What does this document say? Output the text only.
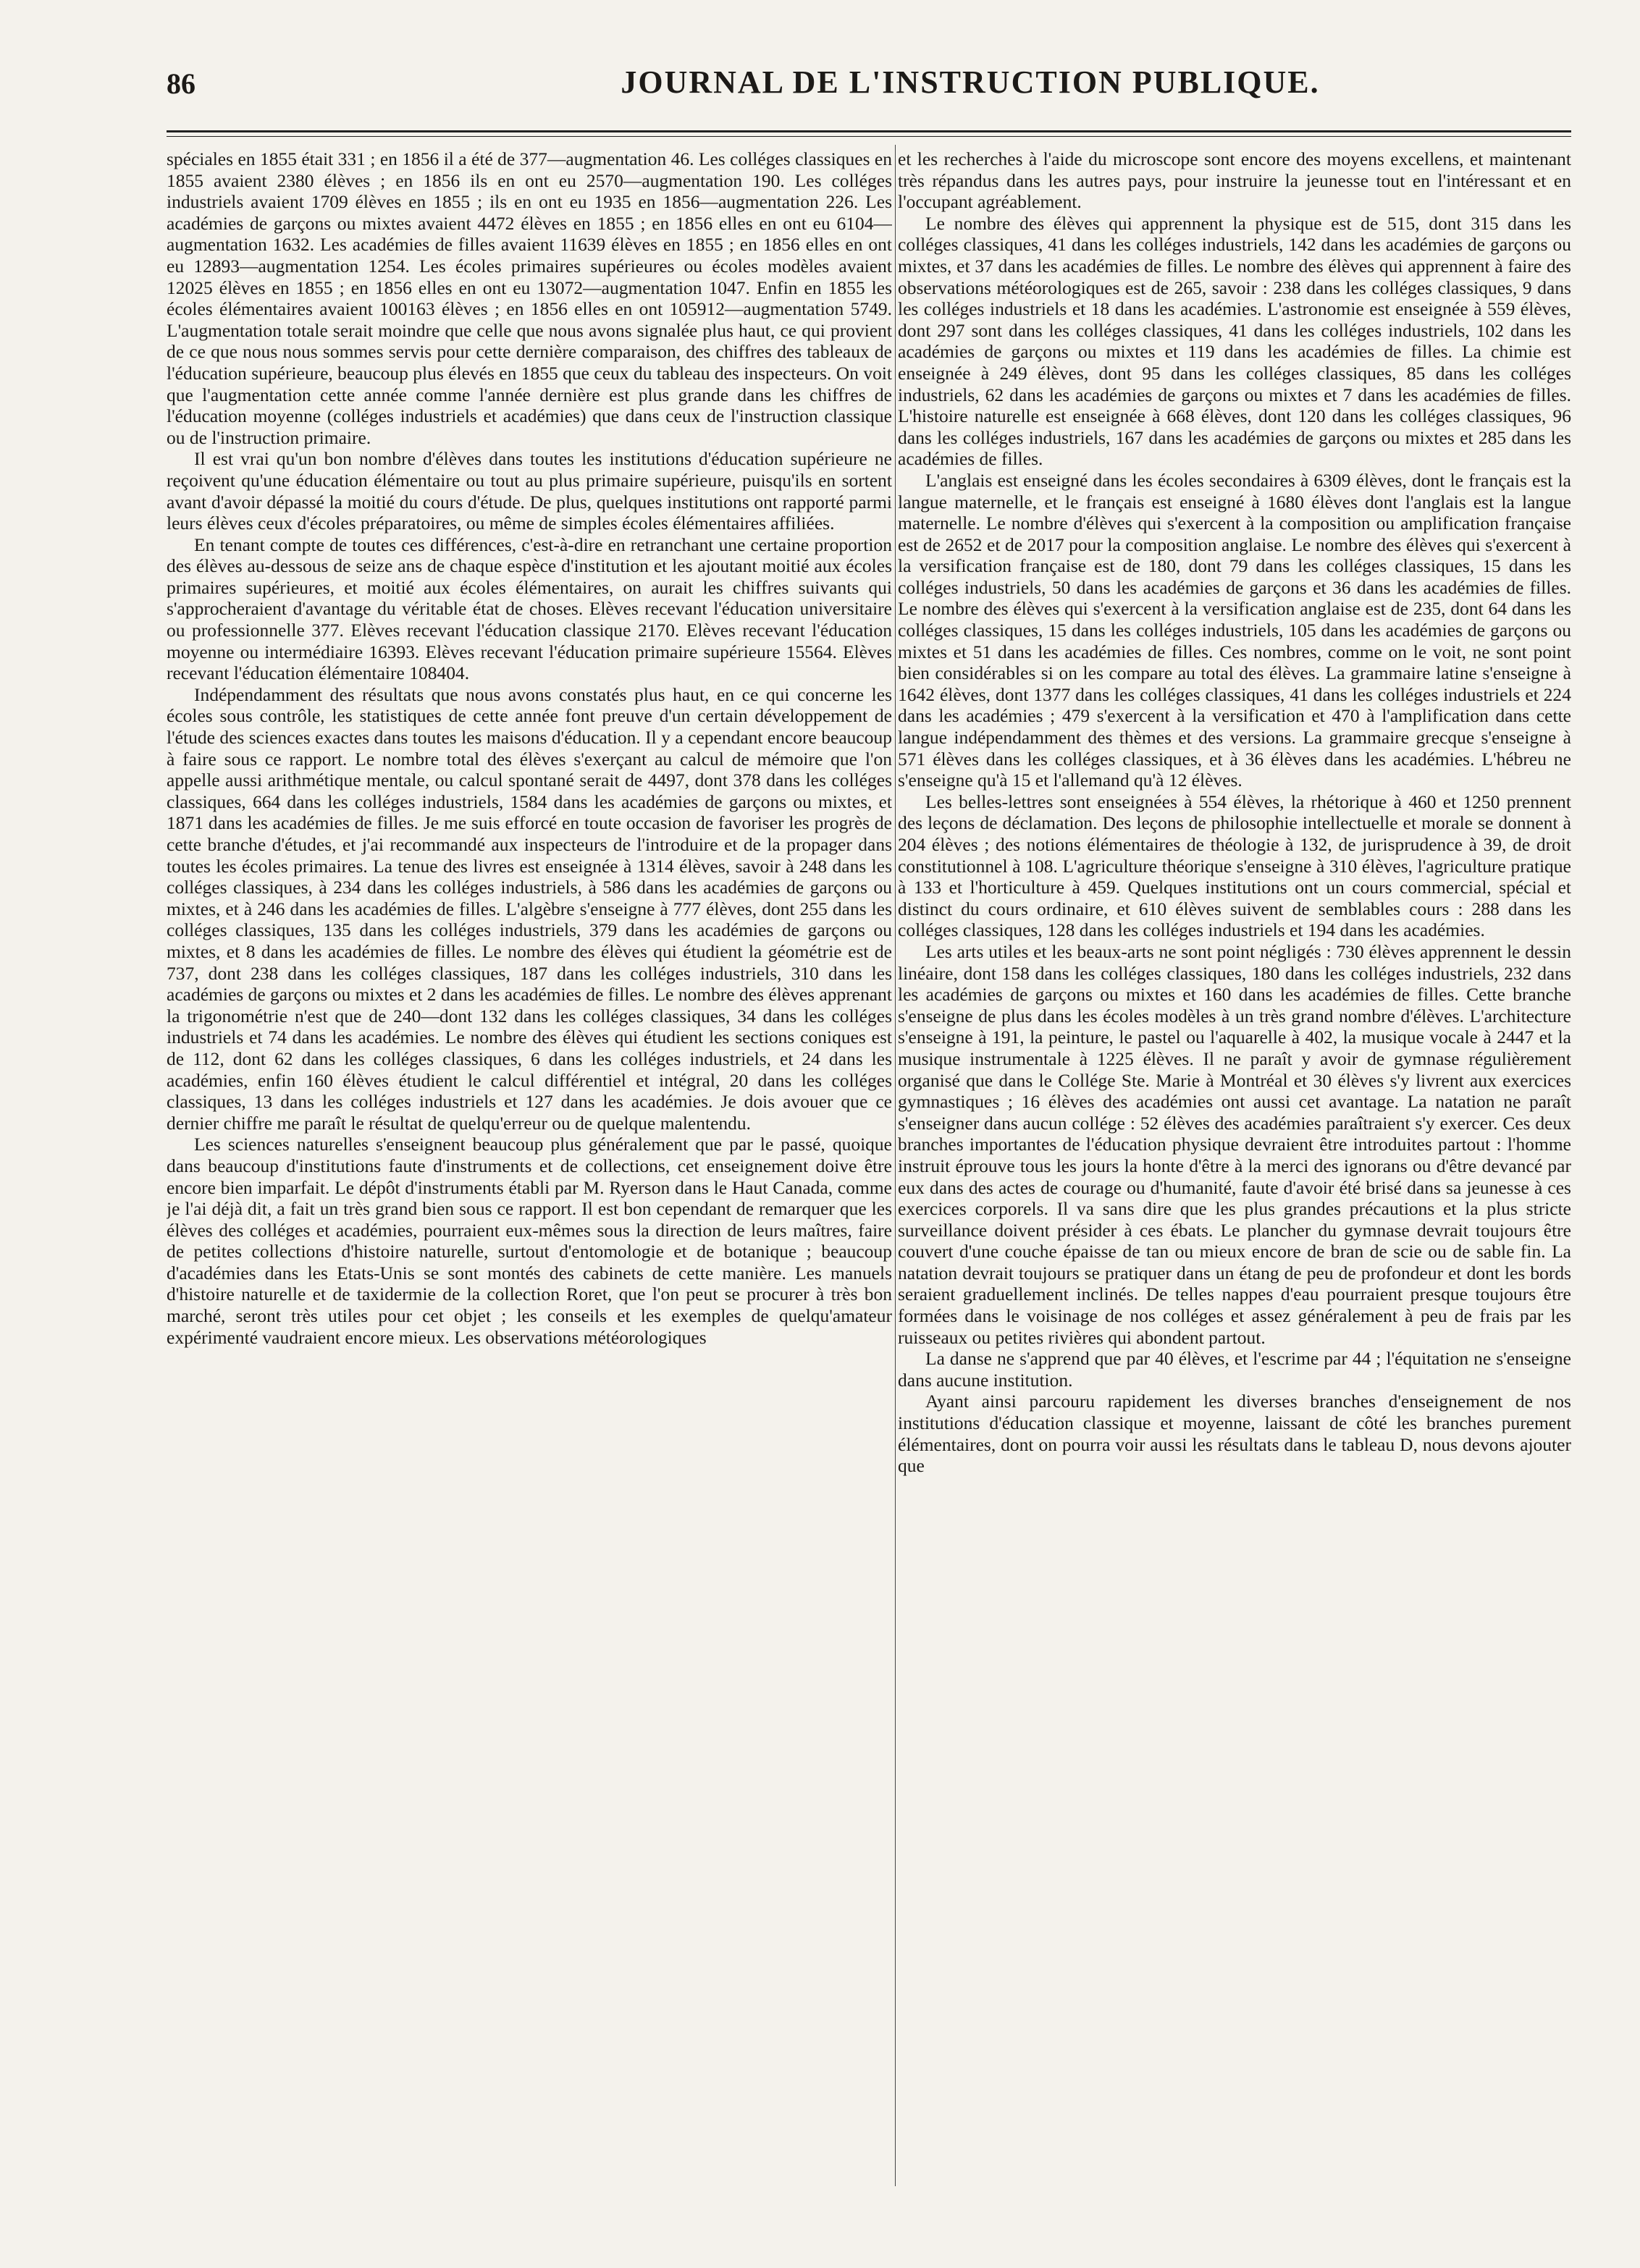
86	JOURNAL DE L'INSTRUCTION PUBLIQUE.

spéciales en 1855 était 331 ; en 1856 il a été de 377—augmentation 46. Les colléges classiques en 1855 avaient 2380 élèves ; en 1856 ils en ont eu 2570—augmentation 190. Les colléges industriels avaient 1709 élèves en 1855 ; ils en ont eu 1935 en 1856—augmentation 226. Les académies de garçons ou mixtes avaient 4472 élèves en 1855 ; en 1856 elles en ont eu 6104—augmentation 1632. Les académies de filles avaient 11639 élèves en 1855 ; en 1856 elles en ont eu 12893—augmentation 1254. Les écoles primaires supérieures ou écoles modèles avaient 12025 élèves en 1855 ; en 1856 elles en ont eu 13072—augmentation 1047. Enfin en 1855 les écoles élémentaires avaient 100163 élèves ; en 1856 elles en ont 105912—augmentation 5749. L'augmentation totale serait moindre que celle que nous avons signalée plus haut, ce qui provient de ce que nous nous sommes servis pour cette dernière comparaison, des chiffres des tableaux de l'éducation supérieure, beaucoup plus élevés en 1855 que ceux du tableau des inspecteurs. On voit que l'augmentation cette année comme l'année dernière est plus grande dans les chiffres de l'éducation moyenne (colléges industriels et académies) que dans ceux de l'instruction classique ou de l'instruction primaire.

Il est vrai qu'un bon nombre d'élèves dans toutes les institutions d'éducation supérieure ne reçoivent qu'une éducation élémentaire ou tout au plus primaire supérieure, puisqu'ils en sortent avant d'avoir dépassé la moitié du cours d'étude. De plus, quelques institutions ont rapporté parmi leurs élèves ceux d'écoles préparatoires, ou même de simples écoles élémentaires affiliées.

En tenant compte de toutes ces différences, c'est-à-dire en retranchant une certaine proportion des élèves au-dessous de seize ans de chaque espèce d'institution et les ajoutant moitié aux écoles primaires supérieures, et moitié aux écoles élémentaires, on aurait les chiffres suivants qui s'approcheraient d'avantage du véritable état de choses. Elèves recevant l'éducation universitaire ou professionnelle 377. Elèves recevant l'éducation classique 2170. Elèves recevant l'éducation moyenne ou intermédiaire 16393. Elèves recevant l'éducation primaire supérieure 15564. Elèves recevant l'éducation élémentaire 108404.

Indépendamment des résultats que nous avons constatés plus haut, en ce qui concerne les écoles sous contrôle, les statistiques de cette année font preuve d'un certain développement de l'étude des sciences exactes dans toutes les maisons d'éducation. Il y a cependant encore beaucoup à faire sous ce rapport. Le nombre total des élèves s'exerçant au calcul de mémoire que l'on appelle aussi arithmétique mentale, ou calcul spontané serait de 4497, dont 378 dans les colléges classiques, 664 dans les colléges industriels, 1584 dans les académies de garçons ou mixtes, et 1871 dans les académies de filles. Je me suis efforcé en toute occasion de favoriser les progrès de cette branche d'études, et j'ai recommandé aux inspecteurs de l'introduire et de la propager dans toutes les écoles primaires. La tenue des livres est enseignée à 1314 élèves, savoir à 248 dans les colléges classiques, à 234 dans les colléges industriels, à 586 dans les académies de garçons ou mixtes, et à 246 dans les académies de filles. L'algèbre s'enseigne à 777 élèves, dont 255 dans les colléges classiques, 135 dans les colléges industriels, 379 dans les académies de garçons ou mixtes, et 8 dans les académies de filles. Le nombre des élèves qui étudient la géométrie est de 737, dont 238 dans les colléges classiques, 187 dans les colléges industriels, 310 dans les académies de garçons ou mixtes et 2 dans les académies de filles. Le nombre des élèves apprenant la trigonométrie n'est que de 240—dont 132 dans les colléges classiques, 34 dans les colléges industriels et 74 dans les académies. Le nombre des élèves qui étudient les sections coniques est de 112, dont 62 dans les colléges classiques, 6 dans les colléges industriels, et 24 dans les académies, enfin 160 élèves étudient le calcul différentiel et intégral, 20 dans les colléges classiques, 13 dans les colléges industriels et 127 dans les académies. Je dois avouer que ce dernier chiffre me paraît le résultat de quelqu'erreur ou de quelque malentendu.

Les sciences naturelles s'enseignent beaucoup plus généralement que par le passé, quoique dans beaucoup d'institutions faute d'instruments et de collections, cet enseignement doive être encore bien imparfait. Le dépôt d'instruments établi par M. Ryerson dans le Haut Canada, comme je l'ai déjà dit, a fait un très grand bien sous ce rapport. Il est bon cependant de remarquer que les élèves des colléges et académies, pourraient eux-mêmes sous la direction de leurs maîtres, faire de petites collections d'histoire naturelle, surtout d'entomologie et de botanique ; beaucoup d'académies dans les Etats-Unis se sont montés des cabinets de cette manière. Les manuels d'histoire naturelle et de taxidermie de la collection Roret, que l'on peut se procurer à très bon marché, seront très utiles pour cet objet ; les conseils et les exemples de quelqu'amateur expérimenté vaudraient encore mieux. Les observations météorologiques

et les recherches à l'aide du microscope sont encore des moyens excellens, et maintenant très répandus dans les autres pays, pour instruire la jeunesse tout en l'intéressant et en l'occupant agréablement.

Le nombre des élèves qui apprennent la physique est de 515, dont 315 dans les colléges classiques, 41 dans les colléges industriels, 142 dans les académies de garçons ou mixtes, et 37 dans les académies de filles. Le nombre des élèves qui apprennent à faire des observations météorologiques est de 265, savoir : 238 dans les colléges classiques, 9 dans les colléges industriels et 18 dans les académies. L'astronomie est enseignée à 559 élèves, dont 297 sont dans les colléges classiques, 41 dans les colléges industriels, 102 dans les académies de garçons ou mixtes et 119 dans les académies de filles. La chimie est enseignée à 249 élèves, dont 95 dans les colléges classiques, 85 dans les colléges industriels, 62 dans les académies de garçons ou mixtes et 7 dans les académies de filles. L'histoire naturelle est enseignée à 668 élèves, dont 120 dans les colléges classiques, 96 dans les colléges industriels, 167 dans les académies de garçons ou mixtes et 285 dans les académies de filles.

L'anglais est enseigné dans les écoles secondaires à 6309 élèves, dont le français est la langue maternelle, et le français est enseigné à 1680 élèves dont l'anglais est la langue maternelle. Le nombre d'élèves qui s'exercent à la composition ou amplification française est de 2652 et de 2017 pour la composition anglaise. Le nombre des élèves qui s'exercent à la versification française est de 180, dont 79 dans les colléges classiques, 15 dans les colléges industriels, 50 dans les académies de garçons et 36 dans les académies de filles. Le nombre des élèves qui s'exercent à la versification anglaise est de 235, dont 64 dans les colléges classiques, 15 dans les colléges industriels, 105 dans les académies de garçons ou mixtes et 51 dans les académies de filles. Ces nombres, comme on le voit, ne sont point bien considérables si on les compare au total des élèves. La grammaire latine s'enseigne à 1642 élèves, dont 1377 dans les colléges classiques, 41 dans les colléges industriels et 224 dans les académies ; 479 s'exercent à la versification et 470 à l'amplification dans cette langue indépendamment des thèmes et des versions. La grammaire grecque s'enseigne à 571 élèves dans les colléges classiques, et à 36 élèves dans les académies. L'hébreu ne s'enseigne qu'à 15 et l'allemand qu'à 12 élèves.

Les belles-lettres sont enseignées à 554 élèves, la rhétorique à 460 et 1250 prennent des leçons de déclamation. Des leçons de philosophie intellectuelle et morale se donnent à 204 élèves ; des notions élémentaires de théologie à 132, de jurisprudence à 39, de droit constitutionnel à 108. L'agriculture théorique s'enseigne à 310 élèves, l'agriculture pratique à 133 et l'horticulture à 459. Quelques institutions ont un cours commercial, spécial et distinct du cours ordinaire, et 610 élèves suivent de semblables cours : 288 dans les colléges classiques, 128 dans les colléges industriels et 194 dans les académies.

Les arts utiles et les beaux-arts ne sont point négligés : 730 élèves apprennent le dessin linéaire, dont 158 dans les colléges classiques, 180 dans les colléges industriels, 232 dans les académies de garçons ou mixtes et 160 dans les académies de filles. Cette branche s'enseigne de plus dans les écoles modèles à un très grand nombre d'élèves. L'architecture s'enseigne à 191, la peinture, le pastel ou l'aquarelle à 402, la musique vocale à 2447 et la musique instrumentale à 1225 élèves. Il ne paraît y avoir de gymnase régulièrement organisé que dans le Collége Ste. Marie à Montréal et 30 élèves s'y livrent aux exercices gymnastiques ; 16 élèves des académies ont aussi cet avantage. La natation ne paraît s'enseigner dans aucun collége : 52 élèves des académies paraîtraient s'y exercer. Ces deux branches importantes de l'éducation physique devraient être introduites partout : l'homme instruit éprouve tous les jours la honte d'être à la merci des ignorans ou d'être devancé par eux dans des actes de courage ou d'humanité, faute d'avoir été brisé dans sa jeunesse à ces exercices corporels. Il va sans dire que les plus grandes précautions et la plus stricte surveillance doivent présider à ces ébats. Le plancher du gymnase devrait toujours être couvert d'une couche épaisse de tan ou mieux encore de bran de scie ou de sable fin. La natation devrait toujours se pratiquer dans un étang de peu de profondeur et dont les bords seraient graduellement inclinés. De telles nappes d'eau pourraient presque toujours être formées dans le voisinage de nos colléges et assez généralement à peu de frais par les ruisseaux ou petites rivières qui abondent partout.

La danse ne s'apprend que par 40 élèves, et l'escrime par 44 ; l'équitation ne s'enseigne dans aucune institution.

Ayant ainsi parcouru rapidement les diverses branches d'enseignement de nos institutions d'éducation classique et moyenne, laissant de côté les branches purement élémentaires, dont on pourra voir aussi les résultats dans le tableau D, nous devons ajouter que
